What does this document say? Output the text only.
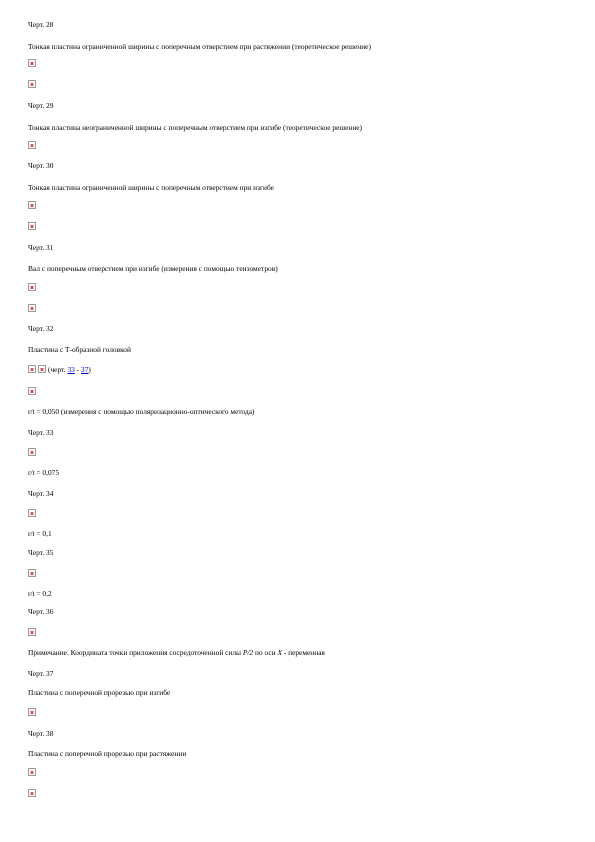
Черт. 28
Тонкая пластина ограниченной ширины с поперечным отверстием при растяжении (теоретическое решение)
Черт. 29
Тонкая пластина неограниченной ширины с поперечным отверстием при изгибе (теоретическое решение)
Черт. 30
Тонкая пластина ограниченной ширины с поперечным отверстием при изгибе
Черт. 31
Вал с поперечным отверстием при изгибе (измерения с помощью тензометров)
Черт. 32
Пластина с Т-образной головкой
(черт. 33 - 37)
r/t = 0,050 (измерения с помощью поляризационно-оптического метода)
Черт. 33
r/t = 0,075
Черт. 34
r/t = 0,1
Черт. 35
r/t = 0,2
Черт. 36
Примечание. Координата точки приложения сосредоточенной силы P/2 по оси X - переменная
Черт. 37
Пластина с поперечной прорезью при изгибе
Черт. 38
Пластина с поперечной прорезью при растяжении
